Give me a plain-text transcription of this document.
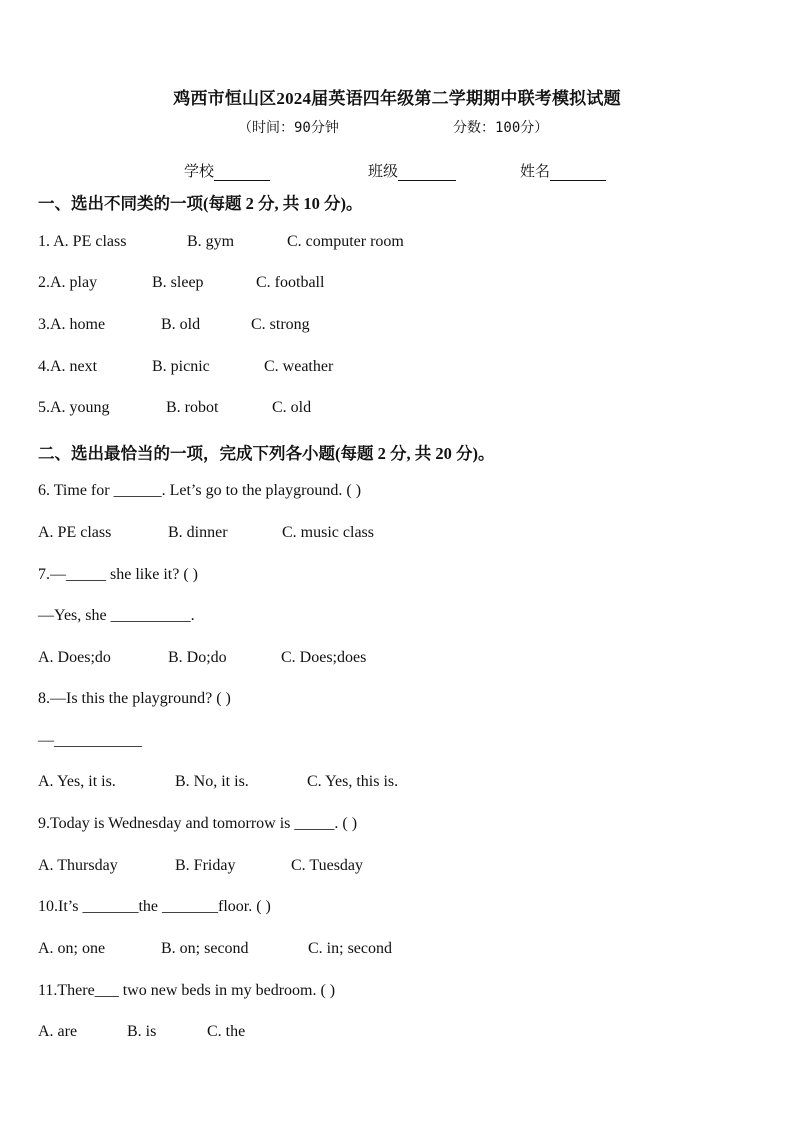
鸡西市恒山区2024届英语四年级第二学期期中联考模拟试题
（时间：90分钟	分数：100分）
学校	班级	姓名
一、选出不同类的一项(每题 2 分, 共 10 分)。
1. A. PE class	B. gym	C. computer room
2.A. play	B. sleep	C. football
3.A. home	B. old	C. strong
4.A. next	B. picnic	C. weather
5.A. young	B. robot	C. old
二、选出最恰当的一项，完成下列各小题(每题 2 分, 共 20 分)。
6. Time for ______. Let’s go to the playground. ( )
A. PE class	B. dinner	C. music class
7.—_____ she like it? ( )
—Yes, she __________.
A. Does;do	B. Do;do	C. Does;does
8.—Is this the playground? ( )
—___________
A. Yes, it is.	B. No, it is.	C. Yes, this is.
9.Today is Wednesday and tomorrow is _____. ( )
A. Thursday	B. Friday	C. Tuesday
10.It’s _______the _______floor. ( )
A. on; one	B. on; second	C. in; second
11.There___ two new beds in my bedroom. ( )
A. are	B. is	C. the
